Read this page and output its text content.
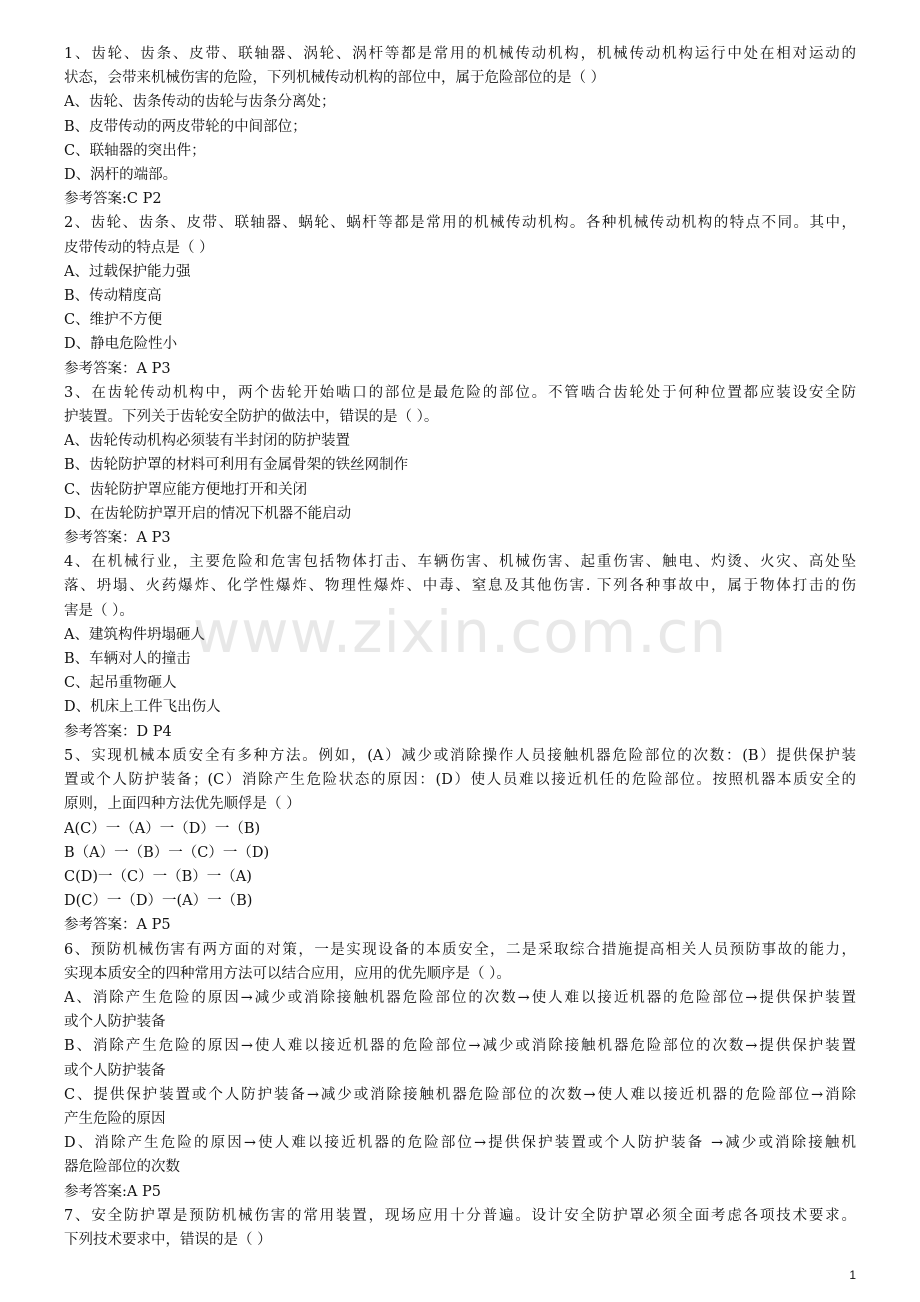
1、齿轮、齿条、皮带、联轴器、涡轮、涡杆等都是常用的机械传动机构，机械传动机构运行中处在相对运动的
状态，会带来机械伤害的危险，下列机械传动机构的部位中，属于危险部位的是（ ）
A、齿轮、齿条传动的齿轮与齿条分离处；
B、皮带传动的两皮带轮的中间部位；
C、联轴器的突出件；
D、涡杆的端部。
参考答案:C P2
2、齿轮、齿条、皮带、联轴器、蜗轮、蜗杆等都是常用的机械传动机构。各种机械传动机构的特点不同。其中，
皮带传动的特点是（ ）
A、过载保护能力强
B、传动精度高
C、维护不方便
D、静电危险性小
参考答案：A P3
3、在齿轮传动机构中，两个齿轮开始啮口的部位是最危险的部位。不管啮合齿轮处于何种位置都应装设安全防
护装置。下列关于齿轮安全防护的做法中，错误的是（ ）。
A、齿轮传动机构必须装有半封闭的防护装置
B、齿轮防护罩的材料可利用有金属骨架的铁丝网制作
C、齿轮防护罩应能方便地打开和关闭
D、在齿轮防护罩开启的情况下机器不能启动
参考答案：A P3
4、在机械行业，主要危险和危害包括物体打击、车辆伤害、机械伤害、起重伤害、触电、灼烫、火灾、高处坠
落、坍塌、火药爆炸、化学性爆炸、物理性爆炸、中毒、窒息及其他伤害. 下列各种事故中，属于物体打击的伤
害是（ ）。
A、建筑构件坍塌砸人
B、车辆对人的撞击
C、起吊重物砸人
D、机床上工件飞出伤人
参考答案：D P4
5、实现机械本质安全有多种方法。例如，(A）减少或消除操作人员接触机器危险部位的次数：(B）提供保护装
置或个人防护装备；(C）消除产生危险状态的原因：(D）使人员难以接近机任的危险部位。按照机器本质安全的
原则，上面四种方法优先顺俘是（ ）
A(C）一（A）一（D）一（B)
B（A）一（B）一（C）一（D)
C(D)一（C）一（B）一（A)
D(C）一（D）一(A）一（B)
参考答案：A P5
6、预防机械伤害有两方面的对策，一是实现设备的本质安全，二是采取综合措施提高相关人员预防事故的能力，
实现本质安全的四种常用方法可以结合应用，应用的优先顺序是（ ）。
A、消除产生危险的原因→减少或消除接触机器危险部位的次数→使人难以接近机器的危险部位→提供保护装置
或个人防护装备
B、消除产生危险的原因→使人难以接近机器的危险部位→减少或消除接触机器危险部位的次数→提供保护装置
或个人防护装备
C、提供保护装置或个人防护装备→减少或消除接触机器危险部位的次数→使人难以接近机器的危险部位→消除
产生危险的原因
D、消除产生危险的原因→使人难以接近机器的危险部位→提供保护装置或个人防护装备 →减少或消除接触机
器危险部位的次数
参考答案:A P5
7、安全防护罩是预防机械伤害的常用装置，现场应用十分普遍。设计安全防护罩必须全面考虑各项技术要求。
下列技术要求中，错误的是（ ）
www.zixin.com.cn
1
